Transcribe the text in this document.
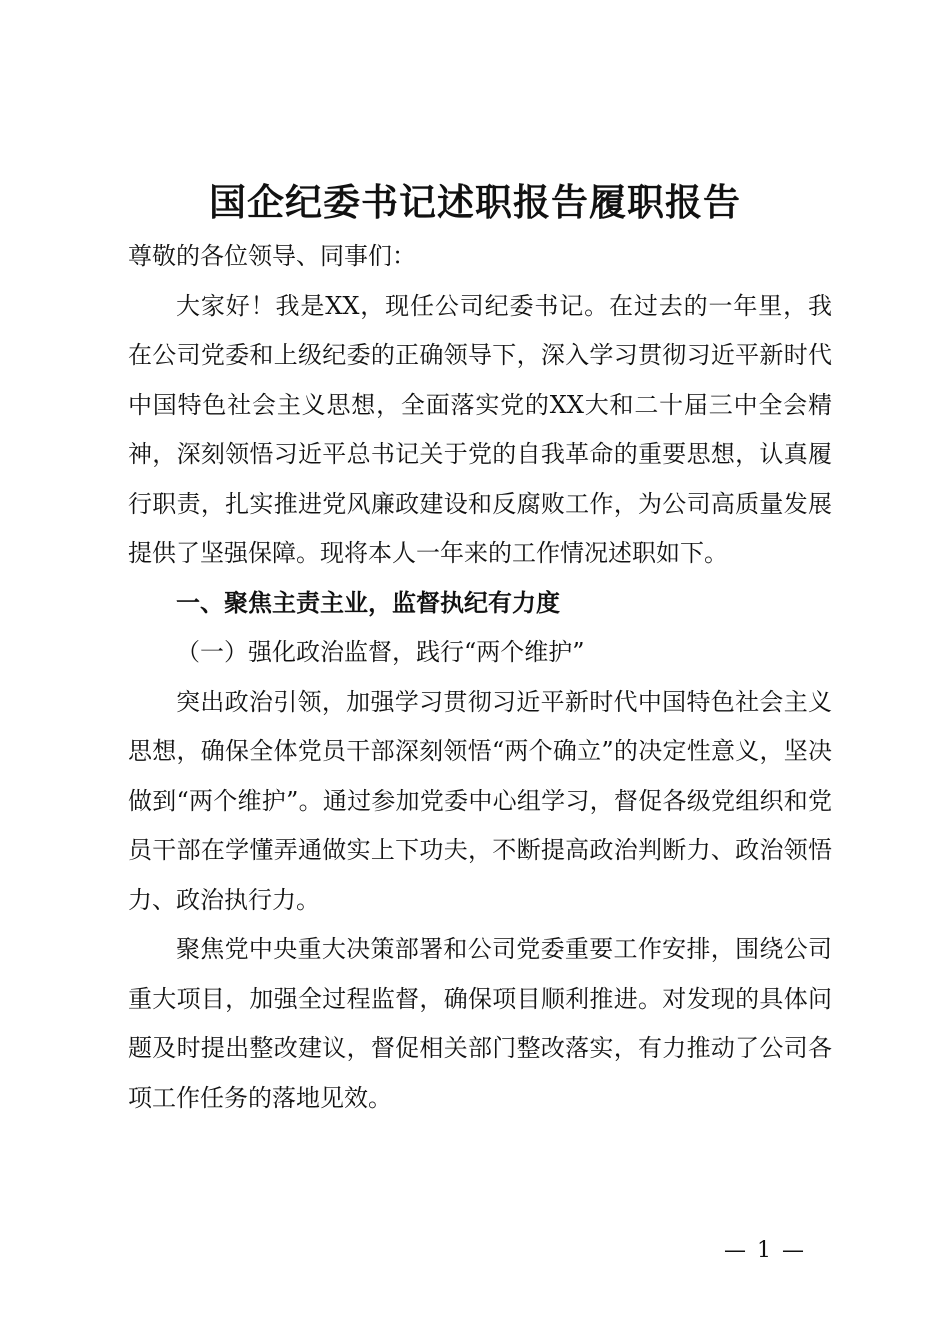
国企纪委书记述职报告履职报告

尊敬的各位领导、同事们：

大家好！我是XX，现任公司纪委书记。在过去的一年里，我在公司党委和上级纪委的正确领导下，深入学习贯彻习近平新时代中国特色社会主义思想，全面落实党的XX大和二十届三中全会精神，深刻领悟习近平总书记关于党的自我革命的重要思想，认真履行职责，扎实推进党风廉政建设和反腐败工作，为公司高质量发展提供了坚强保障。现将本人一年来的工作情况述职如下。

一、聚焦主责主业，监督执纪有力度

（一）强化政治监督，践行“两个维护”

突出政治引领，加强学习贯彻习近平新时代中国特色社会主义思想，确保全体党员干部深刻领悟“两个确立”的决定性意义，坚决做到“两个维护”。通过参加党委中心组学习，督促各级党组织和党员干部在学懂弄通做实上下功夫，不断提高政治判断力、政治领悟力、政治执行力。

聚焦党中央重大决策部署和公司党委重要工作安排，围绕公司重大项目，加强全过程监督，确保项目顺利推进。对发现的具体问题及时提出整改建议，督促相关部门整改落实，有力推动了公司各项工作任务的落地见效。

— 1 —
